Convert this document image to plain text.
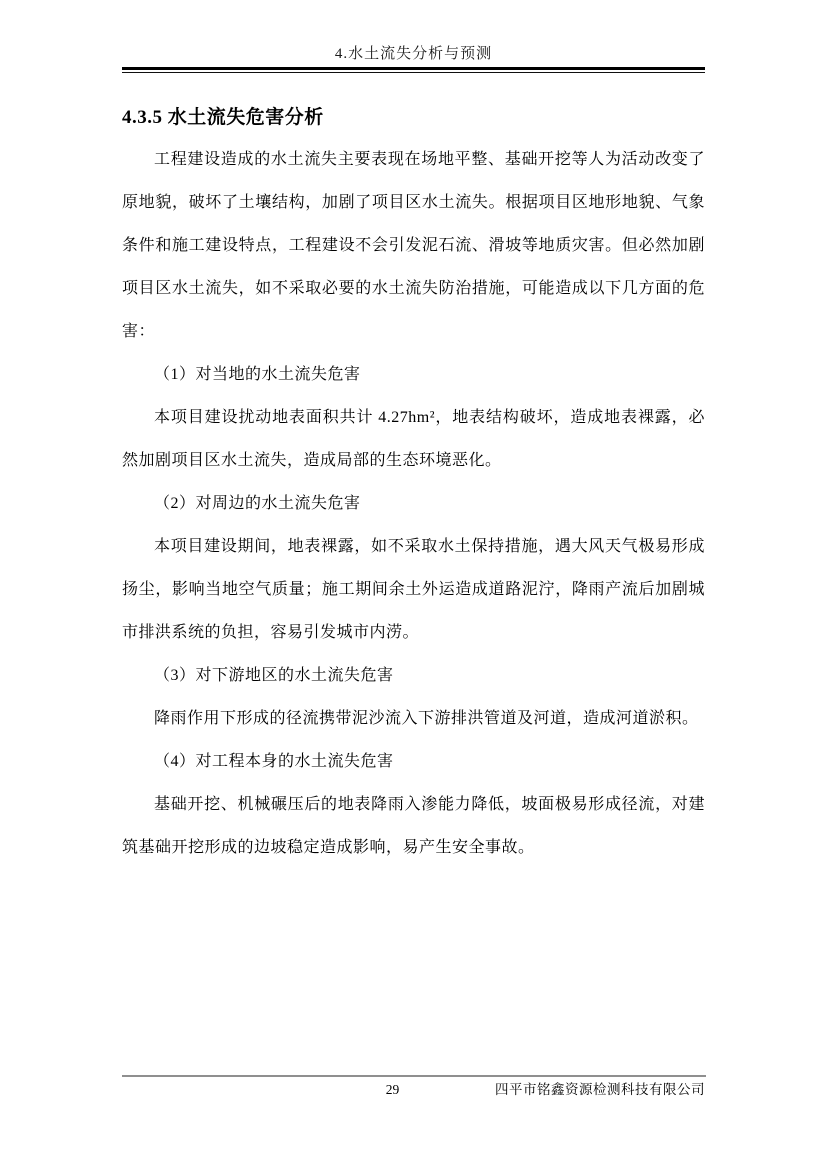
4.水土流失分析与预测
4.3.5 水土流失危害分析

工程建设造成的水土流失主要表现在场地平整、基础开挖等人为活动改变了原地貌，破坏了土壤结构，加剧了项目区水土流失。根据项目区地形地貌、气象条件和施工建设特点，工程建设不会引发泥石流、滑坡等地质灾害。但必然加剧项目区水土流失，如不采取必要的水土流失防治措施，可能造成以下几方面的危害：

（1）对当地的水土流失危害

本项目建设扰动地表面积共计 4.27hm²，地表结构破坏，造成地表裸露，必然加剧项目区水土流失，造成局部的生态环境恶化。

（2）对周边的水土流失危害

本项目建设期间，地表裸露，如不采取水土保持措施，遇大风天气极易形成扬尘，影响当地空气质量；施工期间余土外运造成道路泥泞，降雨产流后加剧城市排洪系统的负担，容易引发城市内涝。

（3）对下游地区的水土流失危害

降雨作用下形成的径流携带泥沙流入下游排洪管道及河道，造成河道淤积。

（4）对工程本身的水土流失危害

基础开挖、机械碾压后的地表降雨入渗能力降低，坡面极易形成径流，对建筑基础开挖形成的边坡稳定造成影响，易产生安全事故。

29	四平市铭鑫资源检测科技有限公司
